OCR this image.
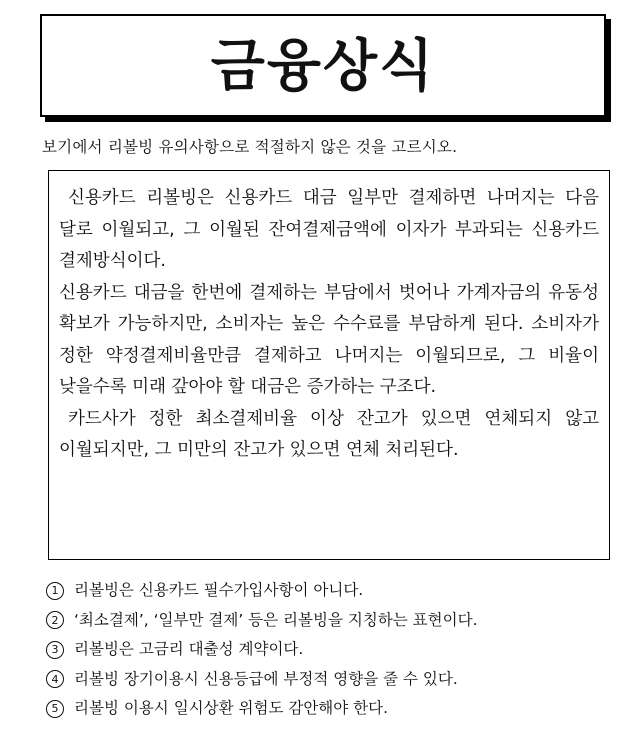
금융상식
보기에서 리볼빙 유의사항으로 적절하지 않은 것을 고르시오.

신용카드 리볼빙은 신용카드 대금 일부만 결제하면 나머지는 다음 달로 이월되고, 그 이월된 잔여결제금액에 이자가 부과되는 신용카드 결제방식이다.

신용카드 대금을 한번에 결제하는 부담에서 벗어나 가계자금의 유동성 확보가 가능하지만, 소비자는 높은 수수료를 부담하게 된다. 소비자가 정한 약정결제비율만큼 결제하고 나머지는 이월되므로, 그 비율이 낮을수록 미래 갚아야 할 대금은 증가하는 구조다.

카드사가 정한 최소결제비율 이상 잔고가 있으면 연체되지 않고 이월되지만, 그 미만의 잔고가 있으면 연체 처리된다.

1	리볼빙은 신용카드 필수가입사항이 아니다.
2	‘최소결제’, ‘일부만 결제’ 등은 리볼빙을 지칭하는 표현이다.
3	리볼빙은 고금리 대출성 계약이다.
4	리볼빙 장기이용시 신용등급에 부정적 영향을 줄 수 있다.
5	리볼빙 이용시 일시상환 위험도 감안해야 한다.
